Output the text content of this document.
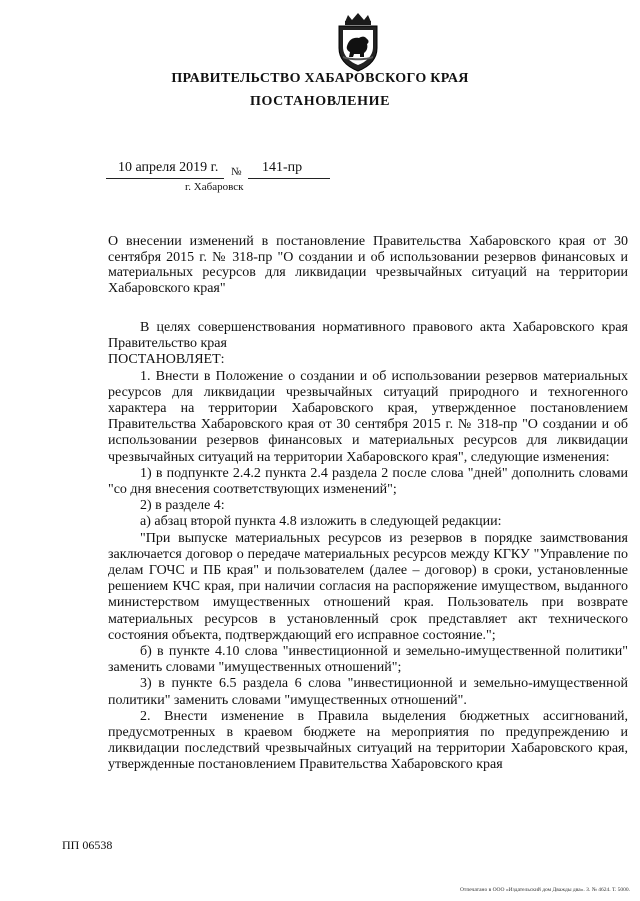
ПРАВИТЕЛЬСТВО ХАБАРОВСКОГО КРАЯ
ПОСТАНОВЛЕНИЕ
10 апреля 2019 г. № 141-пр
г. Хабаровск
О внесении изменений в постановление Правительства Хабаровского края от 30 сентября 2015 г. № 318-пр "О создании и об использовании резервов финансовых и материальных ресурсов для ликвидации чрезвычайных ситуаций на территории Хабаровского края"

В целях совершенствования нормативного правового акта Хабаровского края Правительство края

ПОСТАНОВЛЯЕТ:

1. Внести в Положение о создании и об использовании резервов материальных ресурсов для ликвидации чрезвычайных ситуаций природного и техногенного характера на территории Хабаровского края, утвержденное постановлением Правительства Хабаровского края от 30 сентября 2015 г. № 318-пр "О создании и об использовании резервов финансовых и материальных ресурсов для ликвидации чрезвычайных ситуаций на территории Хабаровского края", следующие изменения:

1) в подпункте 2.4.2 пункта 2.4 раздела 2 после слова "дней" дополнить словами "со дня внесения соответствующих изменений";

2) в разделе 4:

а) абзац второй пункта 4.8 изложить в следующей редакции:

"При выпуске материальных ресурсов из резервов в порядке заимствования заключается договор о передаче материальных ресурсов между КГКУ "Управление по делам ГОЧС и ПБ края" и пользователем (далее – договор) в сроки, установленные решением КЧС края, при наличии согласия на распоряжение имуществом, выданного министерством имущественных отношений края. Пользователь при возврате материальных ресурсов в установленный срок представляет акт технического состояния объекта, подтверждающий его исправное состояние.";

б) в пункте 4.10 слова "инвестиционной и земельно-имущественной политики" заменить словами "имущественных отношений";

3) в пункте 6.5 раздела 6 слова "инвестиционной и земельно-имущественной политики" заменить словами "имущественных отношений".

2. Внести изменение в Правила выделения бюджетных ассигнований, предусмотренных в краевом бюджете на мероприятия по предупреждению и ликвидации последствий чрезвычайных ситуаций на территории Хабаровского края, утвержденные постановлением Правительства Хабаровского края

ПП 06538
Отпечатано в ООО «Издательский дом Дважды два». З. № 4624. Т. 5000.
